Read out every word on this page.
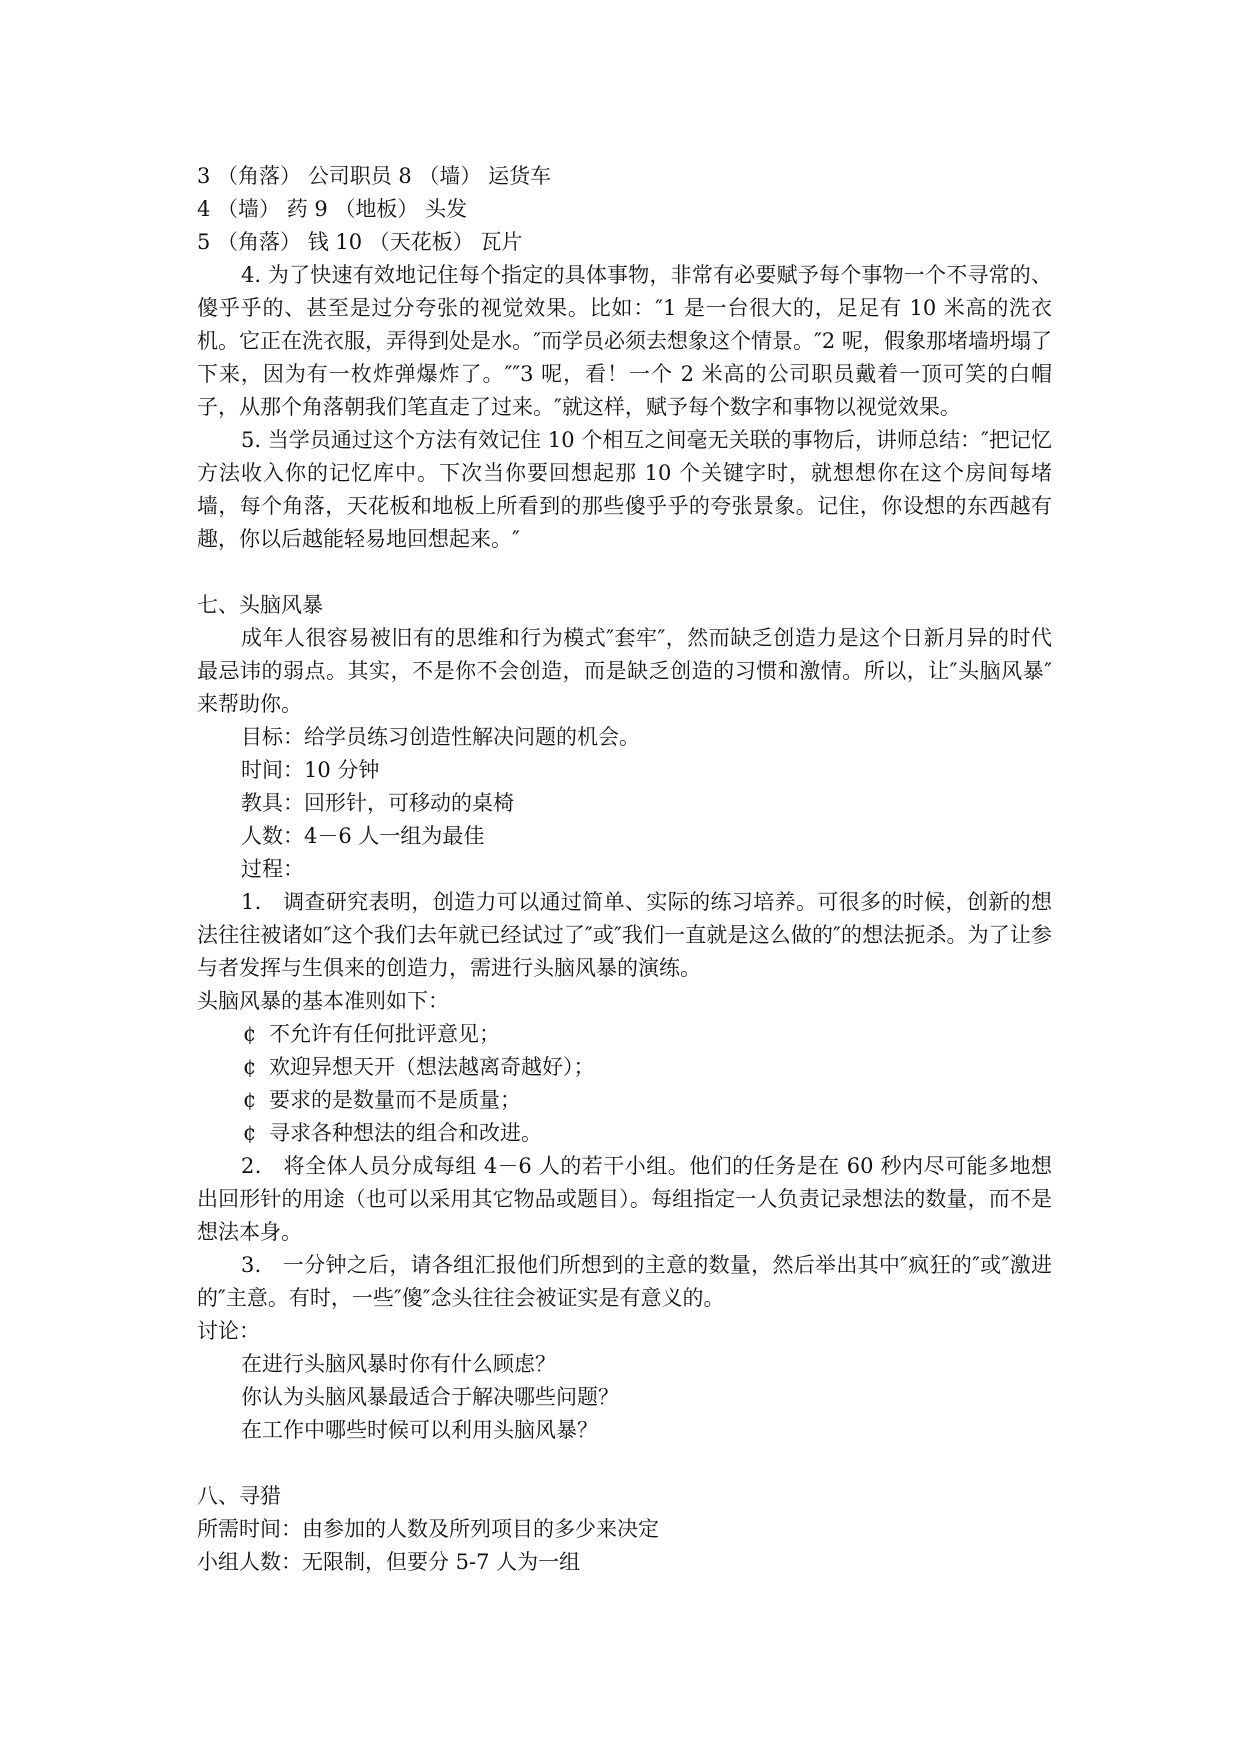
3 （角落） 公司职员 8 （墙） 运货车
4 （墙） 药 9 （地板） 头发
5 （角落） 钱 10 （天花板） 瓦片
4. 为了快速有效地记住每个指定的具体事物，非常有必要赋予每个事物一个不寻常的、傻乎乎的、甚至是过分夸张的视觉效果。比如：″1 是一台很大的，足足有 10 米高的洗衣机。它正在洗衣服，弄得到处是水。″而学员必须去想象这个情景。″2 呢，假象那堵墙坍塌了下来，因为有一枚炸弹爆炸了。″″3 呢，看！一个 2 米高的公司职员戴着一顶可笑的白帽子，从那个角落朝我们笔直走了过来。″就这样，赋予每个数字和事物以视觉效果。
5. 当学员通过这个方法有效记住 10 个相互之间毫无关联的事物后，讲师总结：″把记忆方法收入你的记忆库中。下次当你要回想起那 10 个关键字时，就想想你在这个房间每堵墙，每个角落，天花板和地板上所看到的那些傻乎乎的夸张景象。记住，你设想的东西越有趣，你以后越能轻易地回想起来。″
七、头脑风暴
成年人很容易被旧有的思维和行为模式″套牢″，然而缺乏创造力是这个日新月异的时代最忌讳的弱点。其实，不是你不会创造，而是缺乏创造的习惯和激情。所以，让″头脑风暴″来帮助你。
目标：给学员练习创造性解决问题的机会。
时间：10 分钟
教具：回形针，可移动的桌椅
人数：4－6 人一组为最佳
过程：
1． 调查研究表明，创造力可以通过简单、实际的练习培养。可很多的时候，创新的想法往往被诸如″这个我们去年就已经试过了″或″我们一直就是这么做的″的想法扼杀。为了让参与者发挥与生俱来的创造力，需进行头脑风暴的演练。
头脑风暴的基本准则如下：
¢ 不允许有任何批评意见；
¢ 欢迎异想天开（想法越离奇越好）；
¢ 要求的是数量而不是质量；
¢ 寻求各种想法的组合和改进。
2． 将全体人员分成每组 4－6 人的若干小组。他们的任务是在 60 秒内尽可能多地想出回形针的用途（也可以采用其它物品或题目）。每组指定一人负责记录想法的数量，而不是想法本身。
3． 一分钟之后，请各组汇报他们所想到的主意的数量，然后举出其中″疯狂的″或″激进的″主意。有时，一些″傻″念头往往会被证实是有意义的。
讨论：
在进行头脑风暴时你有什么顾虑？
你认为头脑风暴最适合于解决哪些问题？
在工作中哪些时候可以利用头脑风暴？
八、寻猎
所需时间：由参加的人数及所列项目的多少来决定
小组人数：无限制，但要分 5-7 人为一组
